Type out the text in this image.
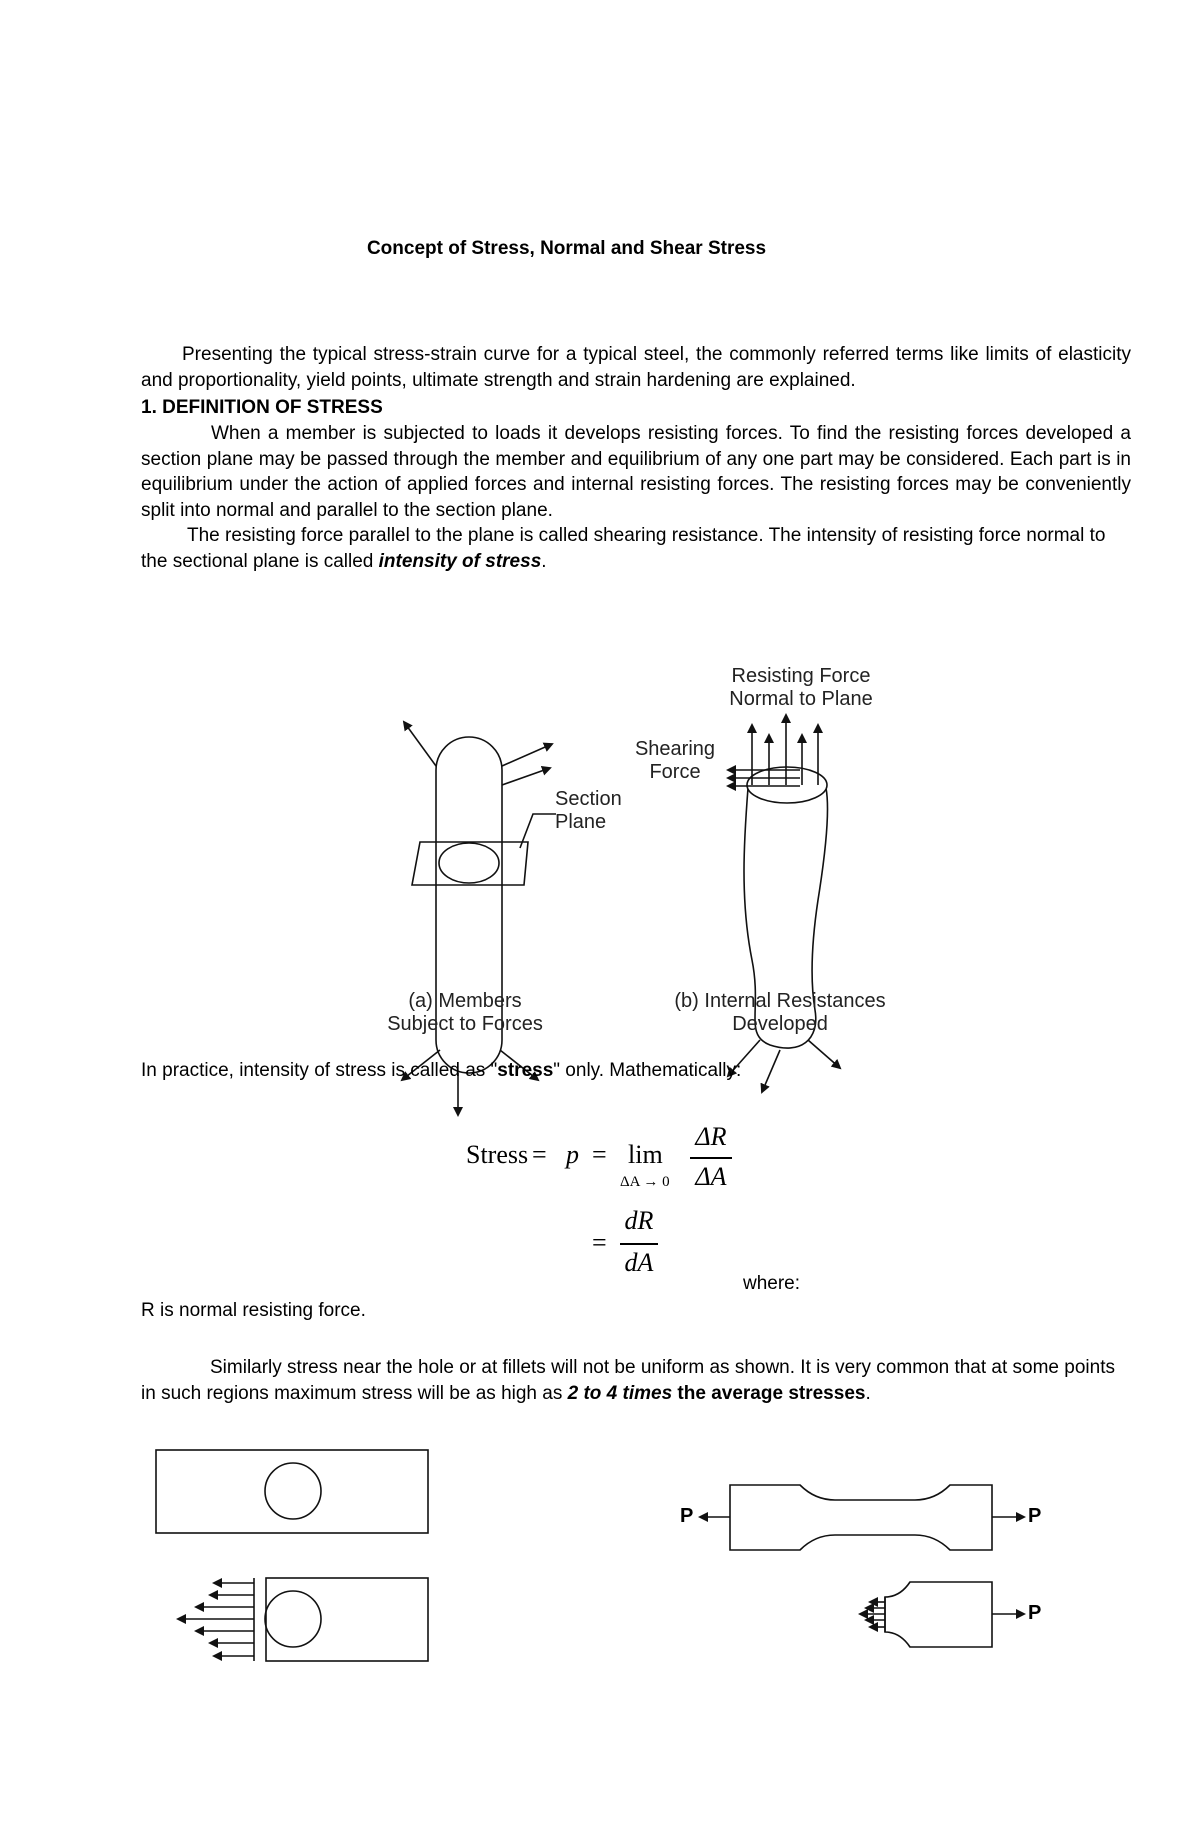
Concept of Stress, Normal and Shear Stress
Presenting the typical stress-strain curve for a typical steel, the commonly referred terms like limits of elasticity and proportionality, yield points, ultimate strength and strain hardening are explained.
1. DEFINITION OF STRESS
When a member is subjected to loads it develops resisting forces. To find the resisting forces developed a section plane may be passed through the member and equilibrium of any one part may be considered. Each part is in equilibrium under the action of applied forces and internal resisting forces. The resisting forces may be conveniently split into normal and parallel to the section plane.
The resisting force parallel to the plane is called shearing resistance. The intensity of resisting force normal to the sectional plane is called intensity of stress.
Resisting Force
Normal to Plane
Shearing
Force
Section
Plane
(a) Members
Subject to Forces
(b) Internal Resistances
Developed
In practice, intensity of stress is called as "stress" only. Mathematically:
Stress = p = lim
ΔA → 0
ΔR
ΔA
=
dR
dA
where:
R is normal resisting force.
Similarly stress near the hole or at fillets will not be uniform as shown. It is very common that at some points in such regions maximum stress will be as high as 2 to 4 times the average stresses.
P	P
P
